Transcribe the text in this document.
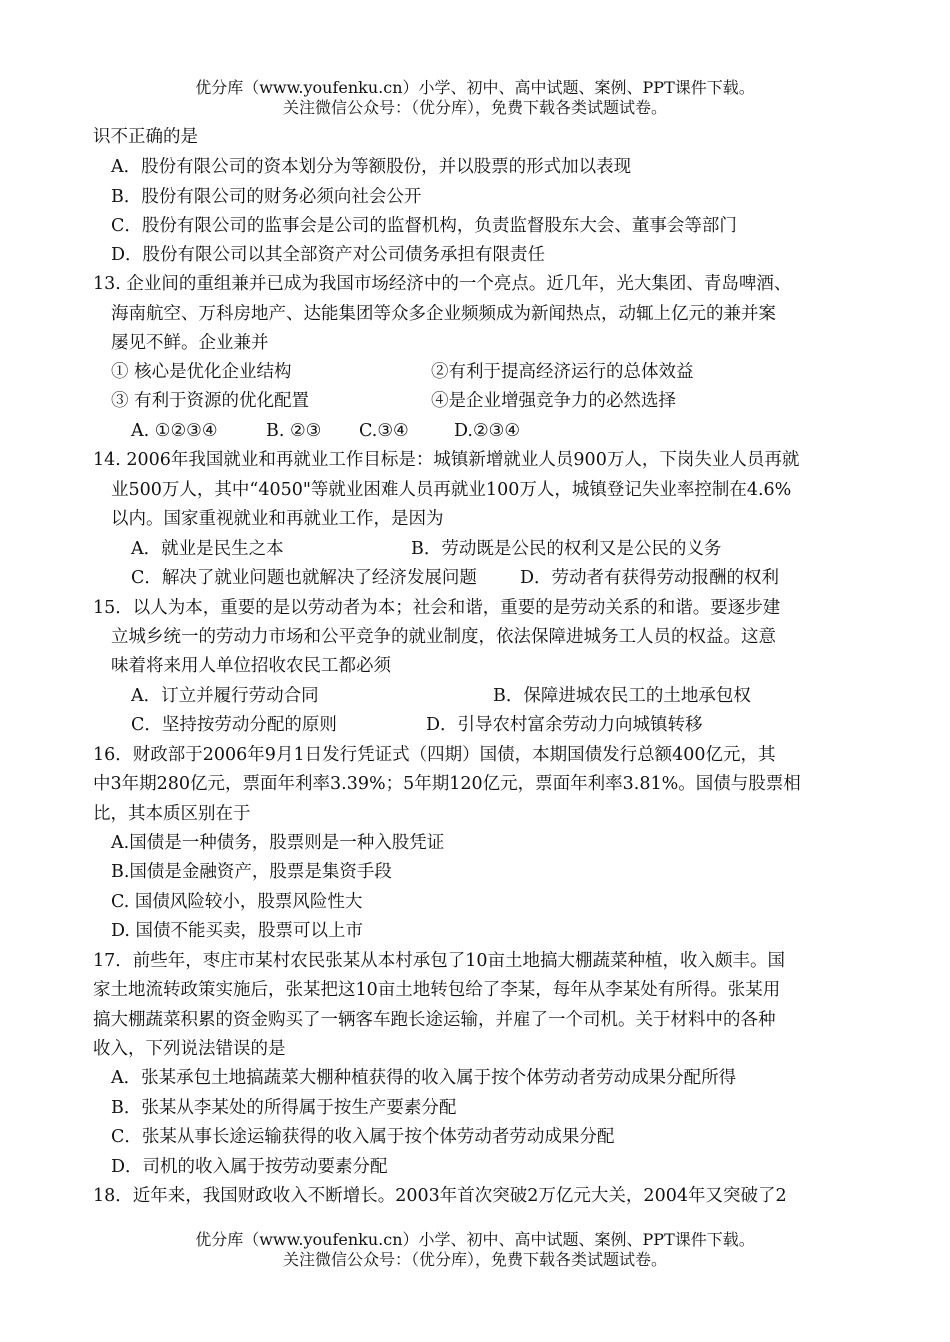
优分库（www.youfenku.cn）小学、初中、高中试题、案例、PPT课件下载。
关注微信公众号：（优分库），免费下载各类试题试卷。
识不正确的是
A．股份有限公司的资本划分为等额股份，并以股票的形式加以表现
B．股份有限公司的财务必须向社会公开
C．股份有限公司的监事会是公司的监督机构，负责监督股东大会、董事会等部门
D．股份有限公司以其全部资产对公司债务承担有限责任
13. 企业间的重组兼并已成为我国市场经济中的一个亮点。近几年，光大集团、青岛啤酒、
海南航空、万科房地产、达能集团等众多企业频频成为新闻热点，动辄上亿元的兼并案
屡见不鲜。企业兼并
① 核心是优化企业结构	②有利于提高经济运行的总体效益
③ 有利于资源的优化配置	④是企业增强竞争力的必然选择
A. ①②③④	B. ②③ C.③④	D.②③④
14. 2006年我国就业和再就业工作目标是：城镇新增就业人员900万人，下岗失业人员再就
业500万人，其中“4050"等就业困难人员再就业100万人，城镇登记失业率控制在4.6%
以内。国家重视就业和再就业工作，是因为
A．就业是民生之本	B．劳动既是公民的权利又是公民的义务
C．解决了就业问题也就解决了经济发展问题 D．劳动者有获得劳动报酬的权利
15．以人为本，重要的是以劳动者为本；社会和谐，重要的是劳动关系的和谐。要逐步建
立城乡统一的劳动力市场和公平竞争的就业制度，依法保障进城务工人员的权益。这意
味着将来用人单位招收农民工都必须
A．订立并履行劳动合同	B．保障进城农民工的土地承包权
C．坚持按劳动分配的原则	D．引导农村富余劳动力向城镇转移
16．财政部于2006年9月1日发行凭证式（四期）国债，本期国债发行总额400亿元，其
中3年期280亿元，票面年利率3.39%；5年期120亿元，票面年利率3.81%。国债与股票相
比，其本质区别在于
A.国债是一种债务，股票则是一种入股凭证
B.国债是金融资产，股票是集资手段
C. 国债风险较小，股票风险性大
D. 国债不能买卖，股票可以上市
17．前些年，枣庄市某村农民张某从本村承包了10亩土地搞大棚蔬菜种植，收入颇丰。国
家土地流转政策实施后，张某把这10亩土地转包给了李某，每年从李某处有所得。张某用
搞大棚蔬菜积累的资金购买了一辆客车跑长途运输，并雇了一个司机。关于材料中的各种
收入，下列说法错误的是
A．张某承包土地搞蔬菜大棚种植获得的收入属于按个体劳动者劳动成果分配所得
B．张某从李某处的所得属于按生产要素分配
C．张某从事长途运输获得的收入属于按个体劳动者劳动成果分配
D．司机的收入属于按劳动要素分配
18．近年来，我国财政收入不断增长。2003年首次突破2万亿元大关，2004年又突破了2
优分库（www.youfenku.cn）小学、初中、高中试题、案例、PPT课件下载。
关注微信公众号：（优分库），免费下载各类试题试卷。
